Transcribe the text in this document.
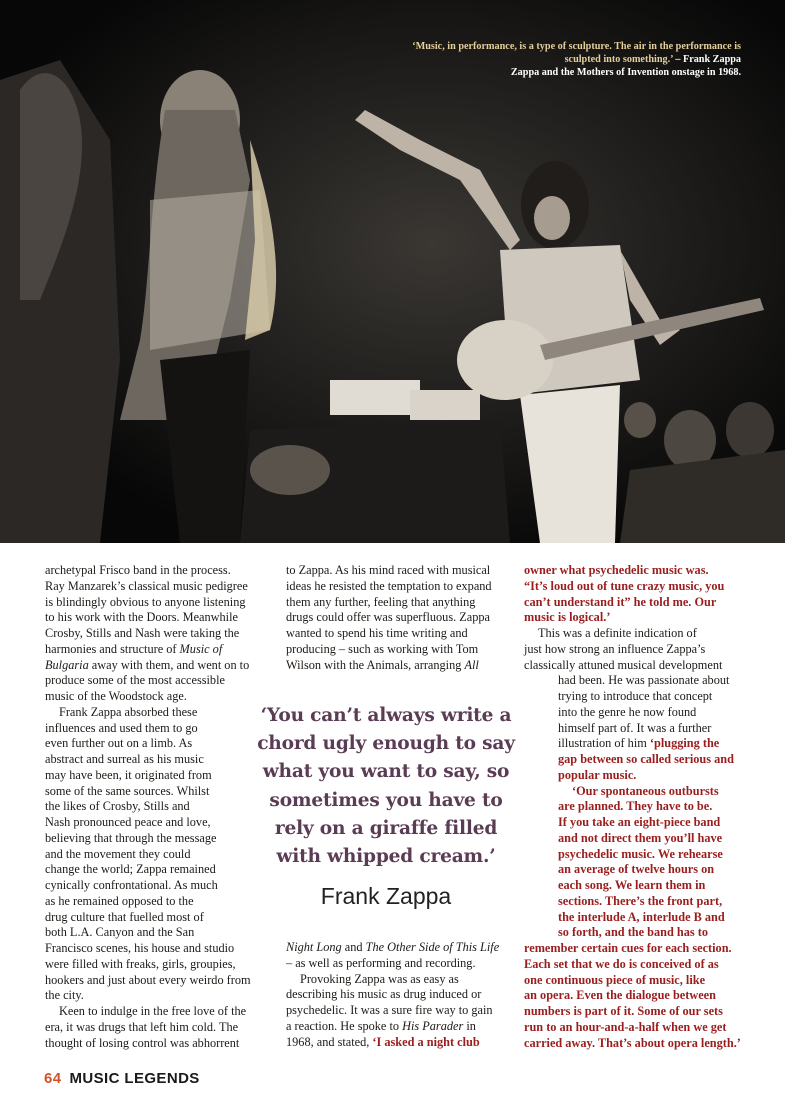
‘Music, in performance, is a type of sculpture. The air in the performance is sculpted into something.’ – Frank Zappa
Zappa and the Mothers of Invention onstage in 1968.

archetypal Frisco band in the process.
Ray Manzarek’s classical music pedigree
is blindingly obvious to anyone listening
to his work with the Doors. Meanwhile
Crosby, Stills and Nash were taking the
harmonies and structure of Music of
Bulgaria away with them, and went on to
produce some of the most accessible
music of the Woodstock age.

Frank Zappa absorbed these
influences and used them to go
even further out on a limb. As
abstract and surreal as his music
may have been, it originated from
some of the same sources. Whilst
the likes of Crosby, Stills and
Nash pronounced peace and love,
believing that through the message
and the movement they could
change the world; Zappa remained
cynically confrontational. As much
as he remained opposed to the
drug culture that fuelled most of
both L.A. Canyon and the San
Francisco scenes, his house and studio
were filled with freaks, girls, groupies,
hookers and just about every weirdo from
the city.

Keen to indulge in the free love of the
era, it was drugs that left him cold. The
thought of losing control was abhorrent

to Zappa. As his mind raced with musical
ideas he resisted the temptation to expand
them any further, feeling that anything
drugs could offer was superfluous. Zappa
wanted to spend his time writing and
producing – such as working with Tom
Wilson with the Animals, arranging All

‘You can’t always write a chord ugly enough to say what you want to say, so sometimes you have to rely on a giraffe filled with whipped cream.’
Frank Zappa

Night Long and The Other Side of This Life
– as well as performing and recording.

Provoking Zappa was as easy as
describing his music as drug induced or
psychedelic. It was a sure fire way to gain
a reaction. He spoke to His Parader in
1968, and stated, ‘I asked a night club

owner what psychedelic music was.
“It’s loud out of tune crazy music, you
can’t understand it” he told me. Our
music is logical.’

This was a definite indication of
just how strong an influence Zappa’s
classically attuned musical development
had been. He was passionate about
trying to introduce that concept
into the genre he now found
himself part of. It was a further
illustration of him ‘plugging the
gap between so called serious and
popular music.

‘Our spontaneous outbursts
are planned. They have to be.
If you take an eight-piece band
and not direct them you’ll have
psychedelic music. We rehearse
an average of twelve hours on
each song. We learn them in
sections. There’s the front part,
the interlude A, interlude B and
so forth, and the band has to
remember certain cues for each section.
Each set that we do is conceived of as
one continuous piece of music, like
an opera. Even the dialogue between
numbers is part of it. Some of our sets
run to an hour-and-a-half when we get
carried away. That’s about opera length.’

64 MUSIC LEGENDS
